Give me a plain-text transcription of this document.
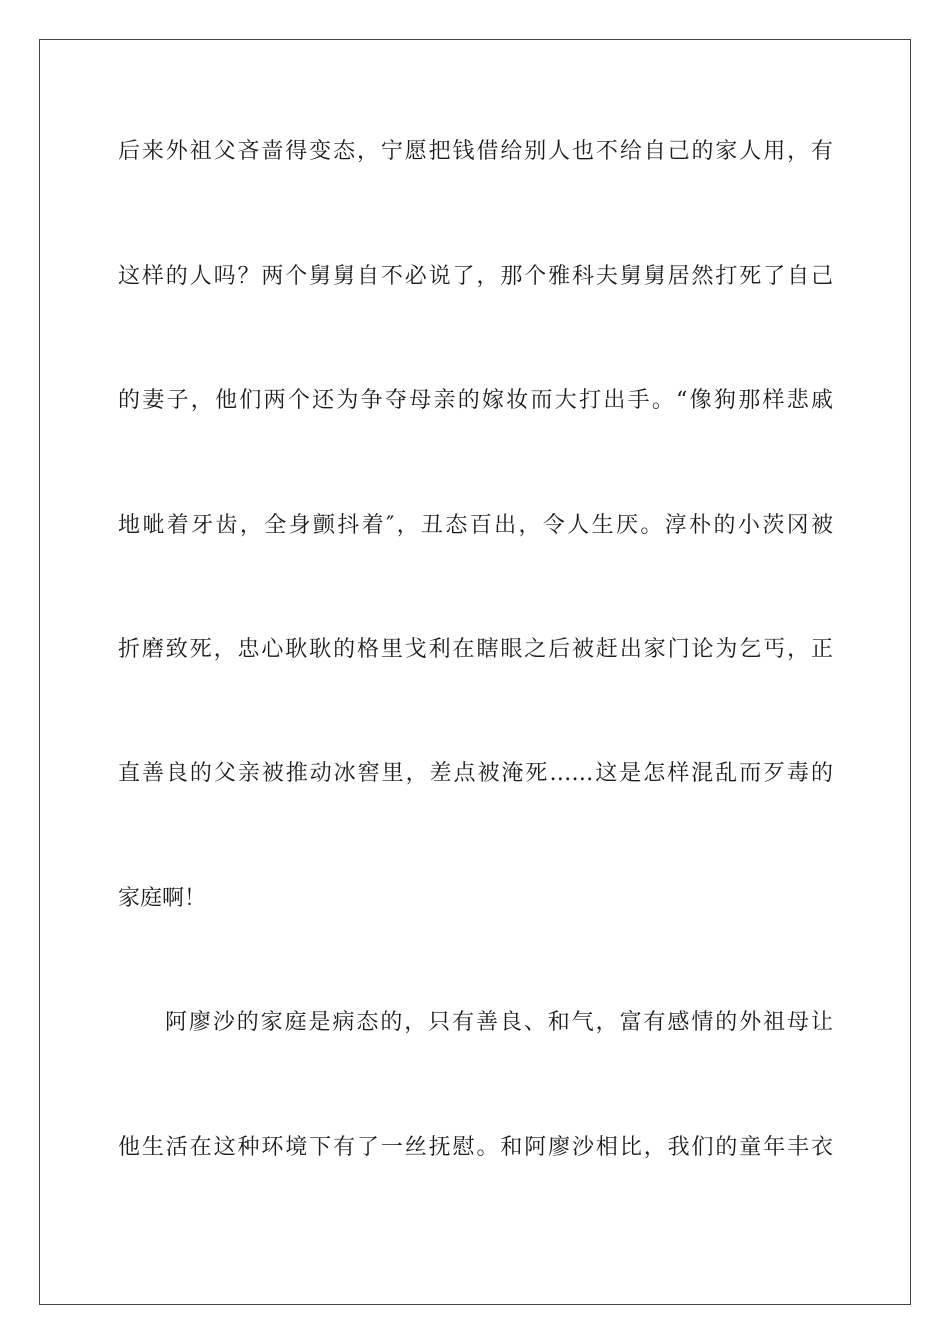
后来外祖父吝啬得变态，宁愿把钱借给别人也不给自己的家人用，有
这样的人吗？两个舅舅自不必说了，那个雅科夫舅舅居然打死了自己
的妻子，他们两个还为争夺母亲的嫁妆而大打出手。“像狗那样悲戚
地呲着牙齿，全身颤抖着″，丑态百出，令人生厌。淳朴的小茨冈被
折磨致死，忠心耿耿的格里戈利在瞎眼之后被赶出家门论为乞丐，正
直善良的父亲被推动冰窖里，差点被淹死……这是怎样混乱而歹毒的
家庭啊！
阿廖沙的家庭是病态的，只有善良、和气，富有感情的外祖母让
他生活在这种环境下有了一丝抚慰。和阿廖沙相比，我们的童年丰衣
